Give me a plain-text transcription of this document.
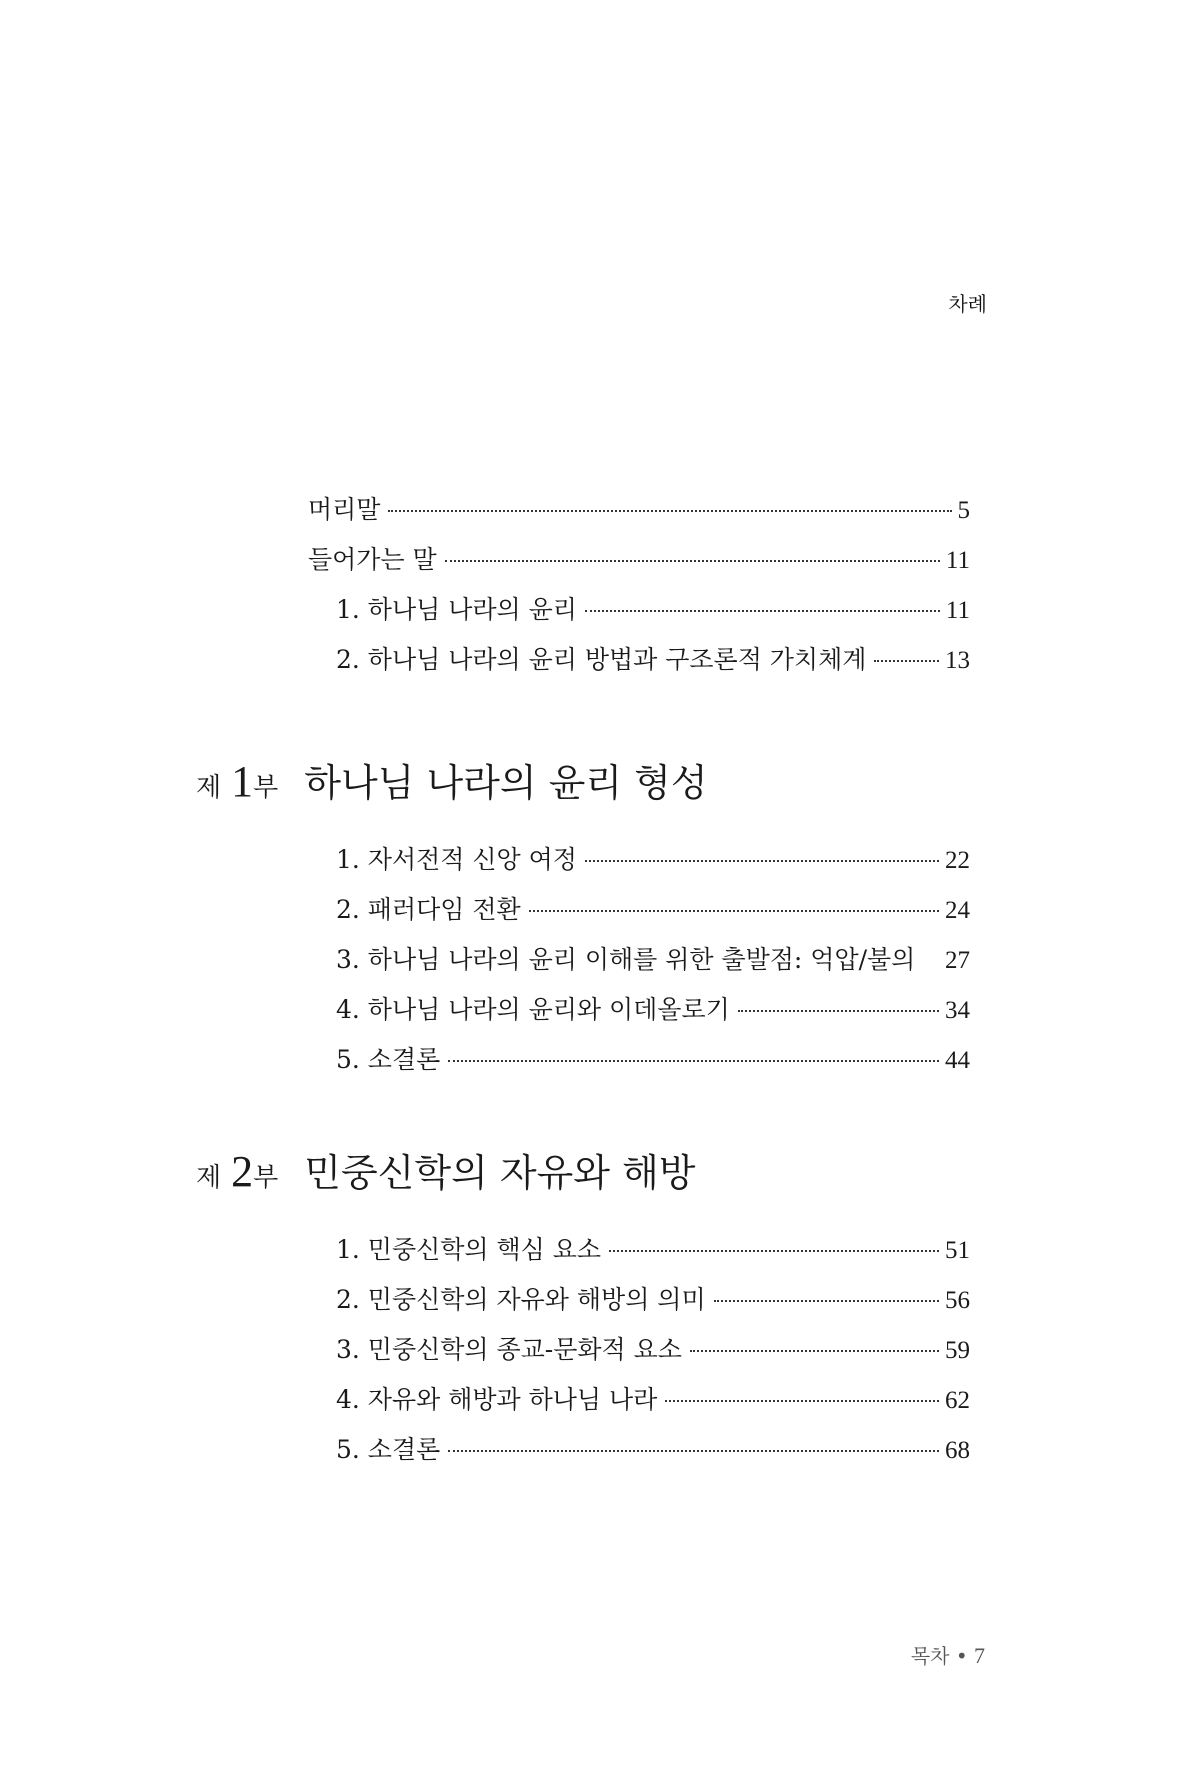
차례
머리말	5
들어가는 말	11
1. 하나님 나라의 윤리	11
2. 하나님 나라의 윤리 방법과 구조론적 가치체계	13
제 1 부 하나님 나라의 윤리 형성
1. 자서전적 신앙 여정	22
2. 패러다임 전환	24
3. 하나님 나라의 윤리 이해를 위한 출발점: 억압/불의 27
4. 하나님 나라의 윤리와 이데올로기	34
5. 소결론	44
제 2 부 민중신학의 자유와 해방
1. 민중신학의 핵심 요소	51
2. 민중신학의 자유와 해방의 의미	56
3. 민중신학의 종교-문화적 요소	59
4. 자유와 해방과 하나님 나라	62
5. 소결론	68
목차 • 7
